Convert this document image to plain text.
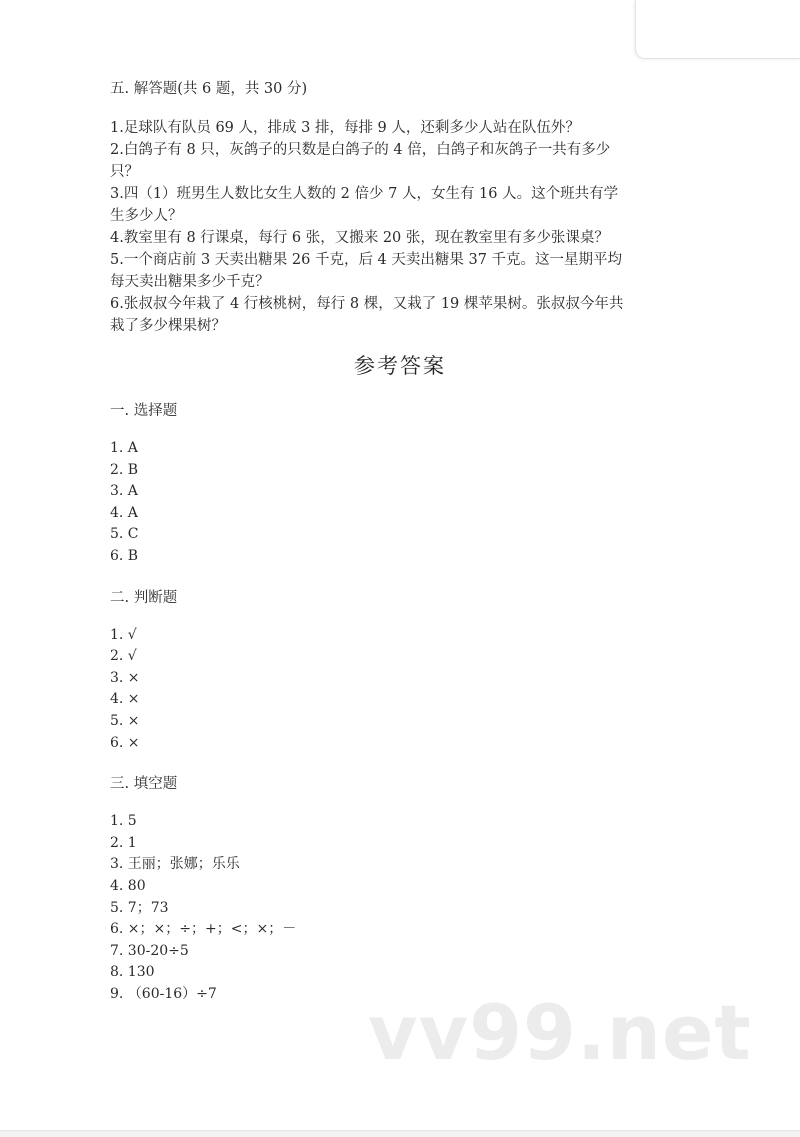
五. 解答题(共 6 题，共 30 分)

1.足球队有队员 69 人，排成 3 排，每排 9 人，还剩多少人站在队伍外？
2.白鸽子有 8 只，灰鸽子的只数是白鸽子的 4 倍，白鸽子和灰鸽子一共有多少
只？
3.四（1）班男生人数比女生人数的 2 倍少 7 人，女生有 16 人。这个班共有学
生多少人？
4.教室里有 8 行课桌，每行 6 张，又搬来 20 张，现在教室里有多少张课桌？
5.一个商店前 3 天卖出糖果 26 千克，后 4 天卖出糖果 37 千克。这一星期平均
每天卖出糖果多少千克？
6.张叔叔今年栽了 4 行核桃树，每行 8 棵，又栽了 19 棵苹果树。张叔叔今年共
栽了多少棵果树？
参考答案

一. 选择题

1. A
2. B
3. A
4. A
5. C
6. B

二. 判断题

1. √
2. √
3. ×
4. ×
5. ×
6. ×

三. 填空题

1. 5
2. 1
3. 王丽；张娜；乐乐
4. 80
5. 7；73
6. ×；×；÷；+；<；×；－
7. 30-20÷5
8. 130
9. （60-16）÷7	vv99.net
